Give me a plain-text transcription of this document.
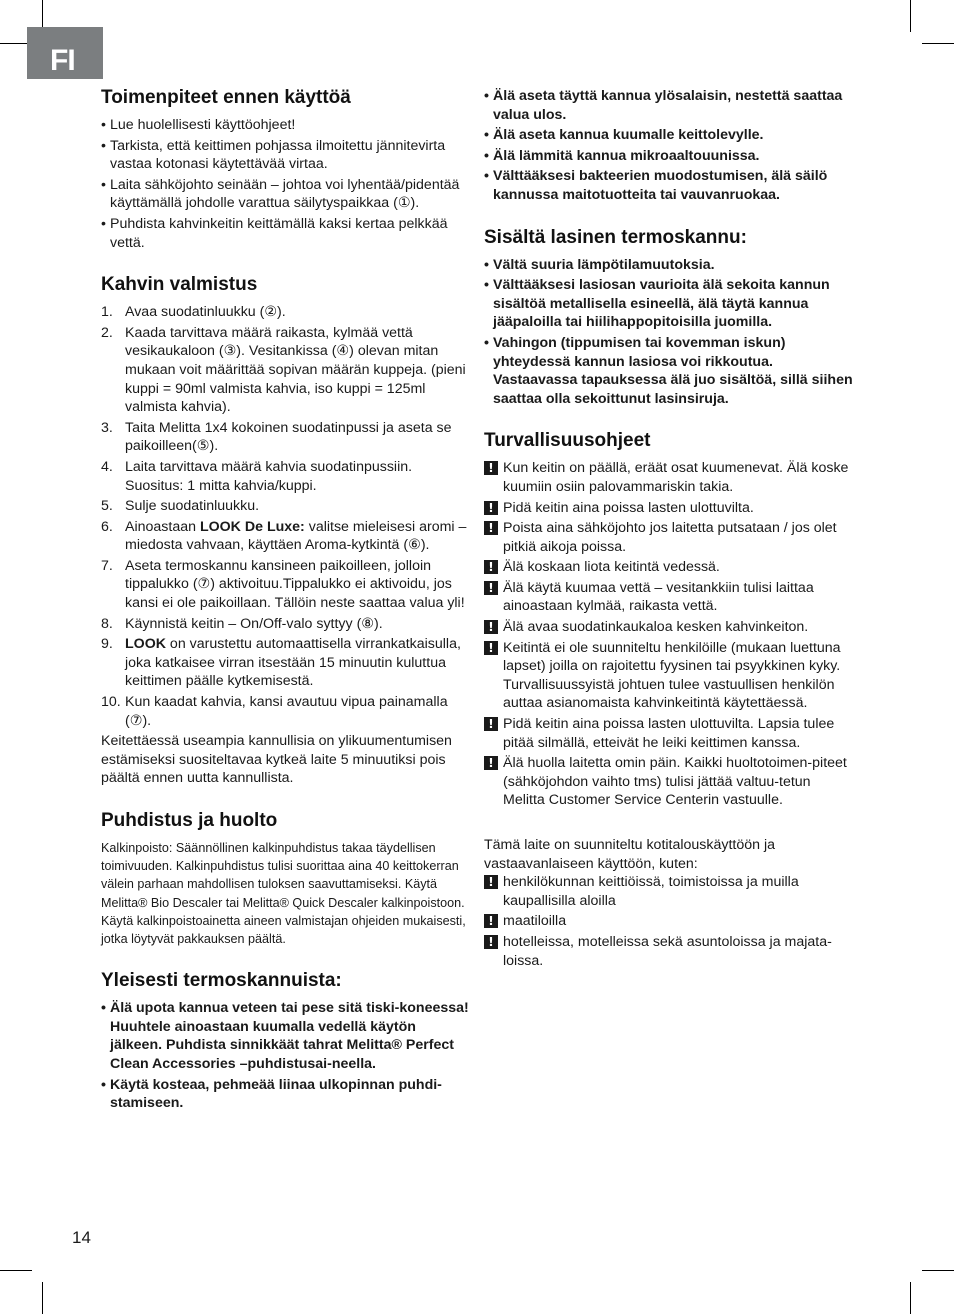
FI
Toimenpiteet ennen käyttöä
• Lue huolellisesti käyttöohjeet!
• Tarkista, että keittimen pohjassa ilmoitettu jännitevirta vastaa kotonasi käytettävää virtaa.
• Laita sähköjohto seinään – johtoa voi lyhentää/pidentää käyttämällä johdolle varattua säilytyspaikkaa (①).
• Puhdista kahvinkeitin keittämällä kaksi kertaa pelkkää vettä.
Kahvin valmistus
1. Avaa suodatinluukku (②).
2. Kaada tarvittava määrä raikasta, kylmää vettä vesikaukaloon (③). Vesitankissa (④) olevan mitan mukaan voit määrittää sopivan määrän kuppeja. (pieni kuppi = 90ml valmista kahvia, iso kuppi = 125ml valmista kahvia).
3. Taita Melitta 1x4 kokoinen suodatinpussi ja aseta se paikoilleen(⑤).
4. Laita tarvittava määrä kahvia suodatinpussiin. Suositus: 1 mitta kahvia/kuppi.
5. Sulje suodatinluukku.
6. Ainoastaan LOOK De Luxe: valitse mieleisesi aromi – miedosta vahvaan, käyttäen Aroma-kytkintä (⑥).
7. Aseta termoskannu kansineen paikoilleen, jolloin tippalukko (⑦) aktivoituu.Tippalukko ei aktivoidu, jos kansi ei ole paikoillaan. Tällöin neste saattaa valua yli!
8. Käynnistä keitin – On/Off-valo syttyy (⑧).
9. LOOK on varustettu automaattisella virrankatkaisulla, joka katkaisee virran itsestään 15 minuutin kuluttua keittimen päälle kytkemisestä.
10. Kun kaadat kahvia, kansi avautuu vipua painamalla (⑦).

Keitettäessä useampia kannullisia on ylikuumentumisen estämiseksi suositeltavaa kytkeä laite 5 minuutiksi pois päältä ennen uutta kannullista.

Puhdistus ja huolto

Kalkinpoisto: Säännöllinen kalkinpuhdistus takaa täydellisen toimivuuden. Kalkinpuhdistus tulisi suorittaa aina 40 keittokerran välein parhaan mahdollisen tuloksen saavuttamiseksi. Käytä Melitta® Bio Descaler tai Melitta® Quick Descaler kalkinpoistoon. Käytä kalkinpoistoainetta aineen valmistajan ohjeiden mukaisesti, jotka löytyvät pakkauksen päältä.

Yleisesti termoskannuista:
• Älä upota kannua veteen tai pese sitä tiski-koneessa! Huuhtele ainoastaan kuumalla vedellä käytön jälkeen. Puhdista sinnikkäät tahrat Melitta® Perfect Clean Accessories –puhdistusai-neella.
• Käytä kosteaa, pehmeää liinaa ulkopinnan puhdi-stamiseen.
• Älä aseta täyttä kannua ylösalaisin, nestettä saattaa valua ulos.
• Älä aseta kannua kuumalle keittolevylle.
• Älä lämmitä kannua mikroaaltouunissa.
• Välttääksesi bakteerien muodostumisen, älä säilö kannussa maitotuotteita tai vauvanruokaa.
Sisältä lasinen termoskannu:
• Vältä suuria lämpötilamuutoksia.
• Välttääksesi lasiosan vaurioita älä sekoita kannun sisältöä metallisella esineellä, älä täytä kannua jääpaloilla tai hiilihappopitoisilla juomilla.
• Vahingon (tippumisen tai kovemman iskun) yhteydessä kannun lasiosa voi rikkoutua. Vastaavassa tapauksessa älä juo sisältöä, sillä siihen saattaa olla sekoittunut lasinsiruja.
Turvallisuusohjeet
! Kun keitin on päällä, eräät osat kuumenevat. Älä koske kuumiin osiin palovammariskin takia.
! Pidä keitin aina poissa lasten ulottuvilta.
! Poista aina sähköjohto jos laitetta putsataan / jos olet pitkiä aikoja poissa.
! Älä koskaan liota keitintä vedessä.
! Älä käytä kuumaa vettä – vesitankkiin tulisi laittaa ainoastaan kylmää, raikasta vettä.
! Älä avaa suodatinkaukaloa kesken kahvinkeiton.
! Keitintä ei ole suunniteltu henkilöille (mukaan luettuna lapset) joilla on rajoitettu fyysinen tai psyykkinen kyky. Turvallisuussyistä johtuen tulee vastuullisen henkilön auttaa asianomaista kahvinkeitintä käytettäessä.
! Pidä keitin aina poissa lasten ulottuvilta. Lapsia tulee pitää silmällä, etteivät he leiki keittimen kanssa.
! Älä huolla laitetta omin päin. Kaikki huoltotoimen-piteet (sähköjohdon vaihto tms) tulisi jättää valtuu-tetun Melitta Customer Service Centerin vastuulle.

Tämä laite on suunniteltu kotitalouskäyttöön ja vastaavanlaiseen käyttöön, kuten:

! henkilökunnan keittiöissä, toimistoissa ja muilla kaupallisilla aloilla
! maatiloilla
! hotelleissa, motelleissa sekä asuntoloissa ja majata-loissa.
14
